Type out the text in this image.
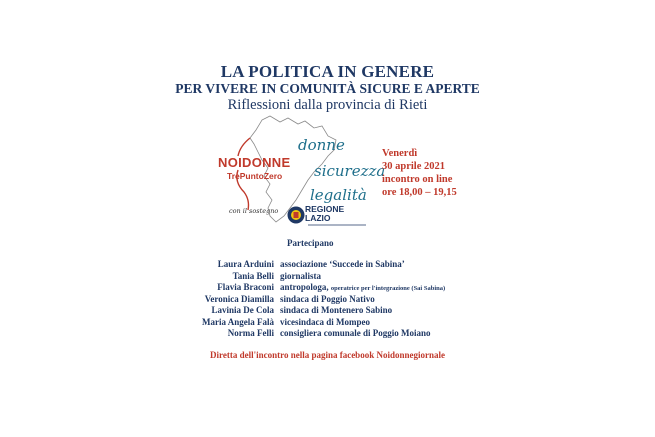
LA POLITICA IN GENERE
PER VIVERE IN COMUNITÀ SICURE E APERTE
Riflessioni dalla provincia di Rieti
NOIDONNE
TrePuntoZero
donne
sicurezza
legalità
con il sostegno	REGIONE
LAZIO
Venerdì
30 aprile 2021
incontro on line
ore 18,00 – 19,15
Partecipano
Laura Arduini associazione ‘Succede in Sabina’
Tania Belli giornalista
Flavia Braconi antropologa, operatrice per l'integrazione (Sai Sabina)
Veronica Diamilla sindaca di Poggio Nativo
Lavinia De Cola sindaca di Montenero Sabino
Maria Angela Falà vicesindaca di Mompeo
Norma Felli consigliera comunale di Poggio Moiano
Diretta dell'incontro nella pagina facebook Noidonnegiornale
